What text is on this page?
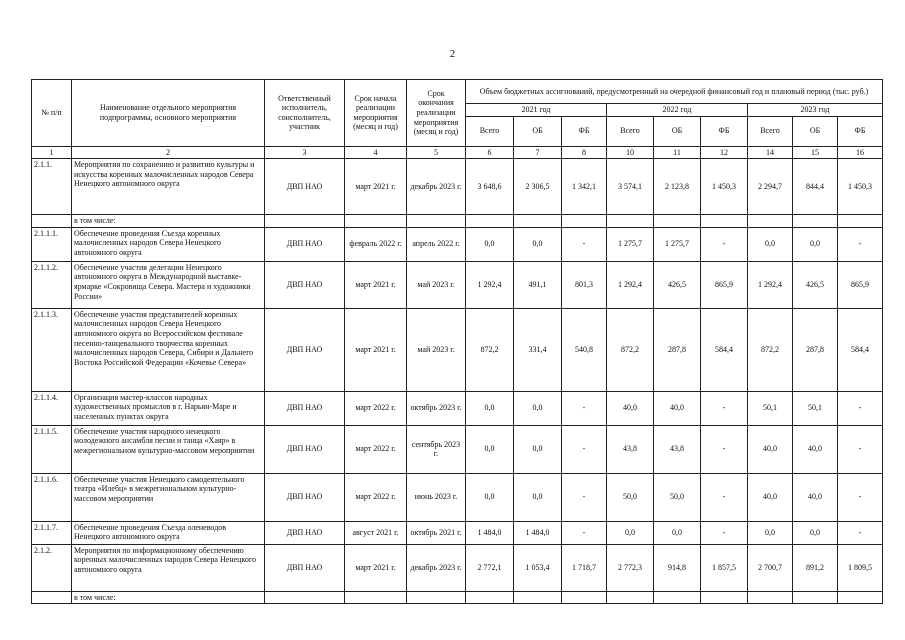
2
№ п/п	Наименование отдельного мероприятия подпрограммы, основного мероприятия	Ответственный исполнитель, соисполнитель, участник	Срок начала реализации мероприятия (месяц и год)	Срок окончания реализации мероприятия (месяц и год)	Объем бюджетных ассигнований, предусмотренный на очередной финансовый год и плановый период (тыс. руб.)								
					2021 год			2022 год			2023 год		
					Всего	ОБ	ФБ	Всего	ОБ	ФБ	Всего	ОБ	ФБ
1	2	3	4	5	6	7	8	10	11	12	14	15	16
2.1.1.	Мероприятия по сохранению и развитию культуры и искусства коренных малочисленных народов Севера Ненецкого автономного округа	ДВП НАО	март 2021 г.	декабрь 2023 г.	3 648,6	2 306,5	1 342,1	3 574,1	2 123,8	1 450,3	2 294,7	844,4	1 450,3
	в том числе:												
2.1.1.1.	Обеспечение проведения Съезда коренных малочисленных народов Севера Ненецкого автономного округа	ДВП НАО	февраль 2022 г.	апрель 2022 г.	0,0	0,0	-	1 275,7	1 275,7	-	0,0	0,0	-
2.1.1.2.	Обеспечение участия делегации Ненецкого автономного округа в Международной выставке-ярмарке «Сокровища Севера. Мастера и художники России»	ДВП НАО	март 2021 г.	май 2023 г.	1 292,4	491,1	801,3	1 292,4	426,5	865,9	1 292,4	426,5	865,9
2.1.1.3.	Обеспечение участия представителей коренных малочисленных народов Севера Ненецкого автономного округа во Всероссийском фестивале песенно-танцевального творчества коренных малочисленных народов Севера, Сибири и Дальнего Востока Российской Федерации «Кочевье Севера»	ДВП НАО	март 2021 г.	май 2023 г.	872,2	331,4	540,8	872,2	287,8	584,4	872,2	287,8	584,4
2.1.1.4.	Организация мастер-классов народных художественных промыслов в г. Нарьян-Маре и населенных пунктах округа	ДВП НАО	март 2022 г.	октябрь 2023 г.	0,0	0,0	-	40,0	40,0	-	50,1	50,1	-
2.1.1.5.	Обеспечение участия народного ненецкого молодежного ансамбля песни и танца «Хаяр» в межрегиональном культурно-массовом мероприятии	ДВП НАО	март 2022 г.	сентябрь 2023 г.	0,0	0,0	-	43,8	43,8	-	40,0	40,0	-
2.1.1.6.	Обеспечение участия Ненецкого самодеятельного театра «Илебц» в межрегиональном культурно-массовом мероприятии	ДВП НАО	март 2022 г.	июнь 2023 г.	0,0	0,0	-	50,0	50,0	-	40,0	40,0	-
2.1.1.7.	Обеспечение проведения Съезда оленеводов Ненецкого автономного округа	ДВП НАО	август 2021 г.	октябрь 2021 г.	1 484,0	1 484,0	-	0,0	0,0	-	0,0	0,0	-
2.1.2.	Мероприятия по информационному обеспечению коренных малочисленных народов Севера Ненецкого автономного округа	ДВП НАО	март 2021 г.	декабрь 2023 г.	2 772,1	1 053,4	1 718,7	2 772,3	914,8	1 857,5	2 700,7	891,2	1 809,5
	в том числе:												
